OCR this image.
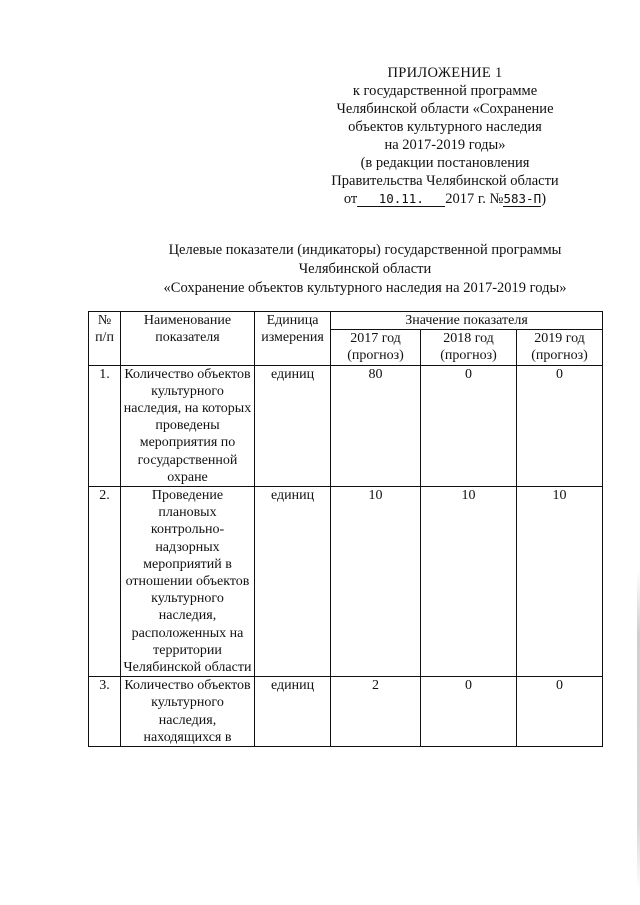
ПРИЛОЖЕНИЕ 1
к государственной программе
Челябинской области «Сохранение
объектов культурного наследия
на 2017-2019 годы»
(в редакции постановления
Правительства Челябинской области
от 10.11. 2017 г. №583-П)
Целевые показатели (индикаторы) государственной программы
Челябинской области
«Сохранение объектов культурного наследия на 2017-2019 годы»
№ п/п	Наименование показателя	Единица измерения	Значение показателя		
			2017 год (прогноз)	2018 год (прогноз)	2019 год (прогноз)
1.	Количество объектов культурного наследия, на которых проведены мероприятия по государственной охране	единиц	80	0	0
2.	Проведение плановых контрольно-надзорных мероприятий в отношении объектов культурного наследия, расположенных на территории Челябинской области	единиц	10	10	10
3.	Количество объектов культурного наследия, находящихся в	единиц	2	0	0
